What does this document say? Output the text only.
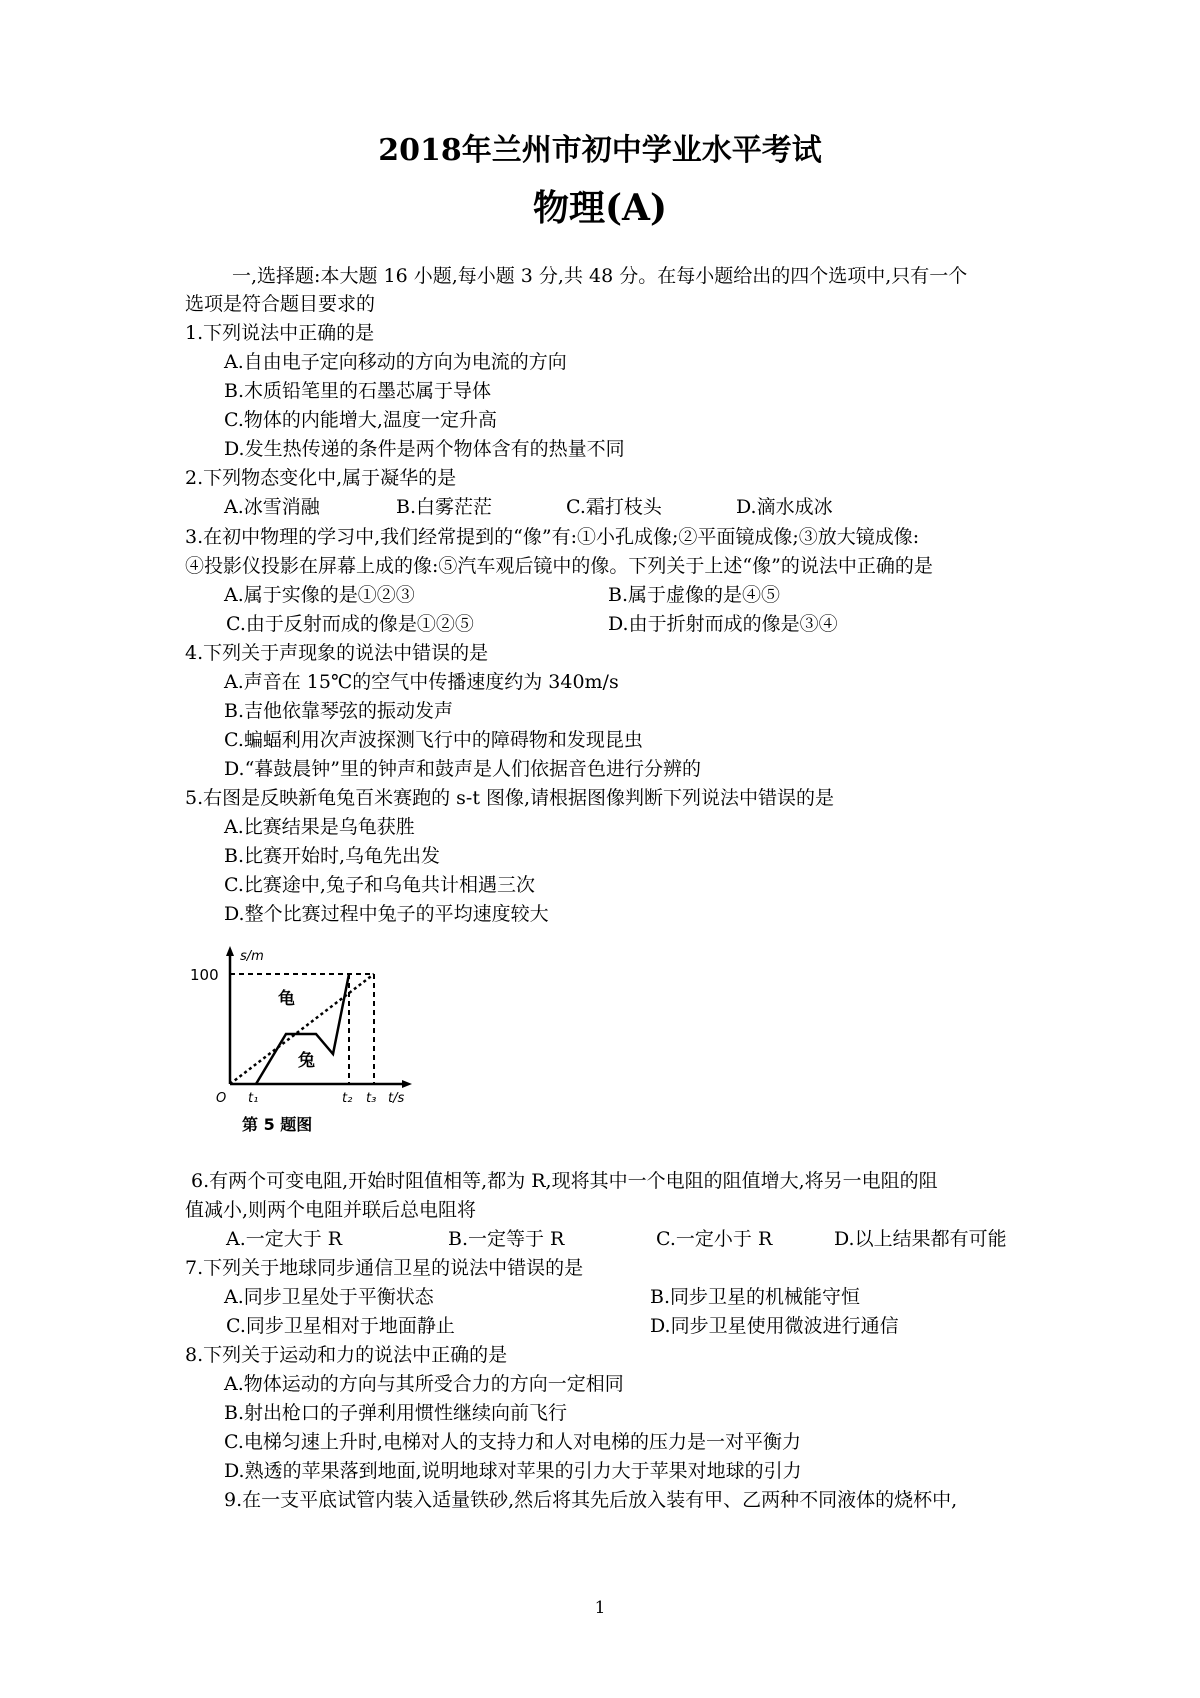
2018年兰州市初中学业水平考试
物理(A)
一,选择题:本大题 16 小题,每小题 3 分,共 48 分。在每小题给出的四个选项中,只有一个
选项是符合题目要求的
1.下列说法中正确的是
A.自由电子定向移动的方向为电流的方向
B.木质铅笔里的石墨芯属于导体
C.物体的内能增大,温度一定升高
D.发生热传递的条件是两个物体含有的热量不同
2.下列物态变化中,属于凝华的是
A.冰雪消融	B.白雾茫茫	C.霜打枝头	D.滴水成冰
3.在初中物理的学习中,我们经常提到的“像”有:①小孔成像;②平面镜成像;③放大镜成像:
④投影仪投影在屏幕上成的像:⑤汽车观后镜中的像。下列关于上述“像”的说法中正确的是
A.属于实像的是①②③	B.属于虚像的是④⑤
C.由于反射而成的像是①②⑤	D.由于折射而成的像是③④
4.下列关于声现象的说法中错误的是
A.声音在 15℃的空气中传播速度约为 340m/s
B.吉他依靠琴弦的振动发声
C.蝙蝠利用次声波探测飞行中的障碍物和发现昆虫
D.“暮鼓晨钟”里的钟声和鼓声是人们依据音色进行分辨的
5.右图是反映新龟兔百米赛跑的 s-t 图像,请根据图像判断下列说法中错误的是
A.比赛结果是乌龟获胜
B.比赛开始时,乌龟先出发
C.比赛途中,兔子和乌龟共计相遇三次
D.整个比赛过程中兔子的平均速度较大
s/m
100
O t₁	t₂ t₃ t/s
龟
兔
第 5 题图
6.有两个可变电阻,开始时阻值相等,都为 R,现将其中一个电阻的阻值增大,将另一电阻的阻
值减小,则两个电阻并联后总电阻将
A.一定大于 R	B.一定等于 R	C.一定小于 R	D.以上结果都有可能
7.下列关于地球同步通信卫星的说法中错误的是
A.同步卫星处于平衡状态	B.同步卫星的机械能守恒
C.同步卫星相对于地面静止	D.同步卫星使用微波进行通信
8.下列关于运动和力的说法中正确的是
A.物体运动的方向与其所受合力的方向一定相同
B.射出枪口的子弹利用惯性继续向前飞行
C.电梯匀速上升时,电梯对人的支持力和人对电梯的压力是一对平衡力
D.熟透的苹果落到地面,说明地球对苹果的引力大于苹果对地球的引力
9.在一支平底试管内装入适量铁砂,然后将其先后放入装有甲、乙两种不同液体的烧杯中,
1
